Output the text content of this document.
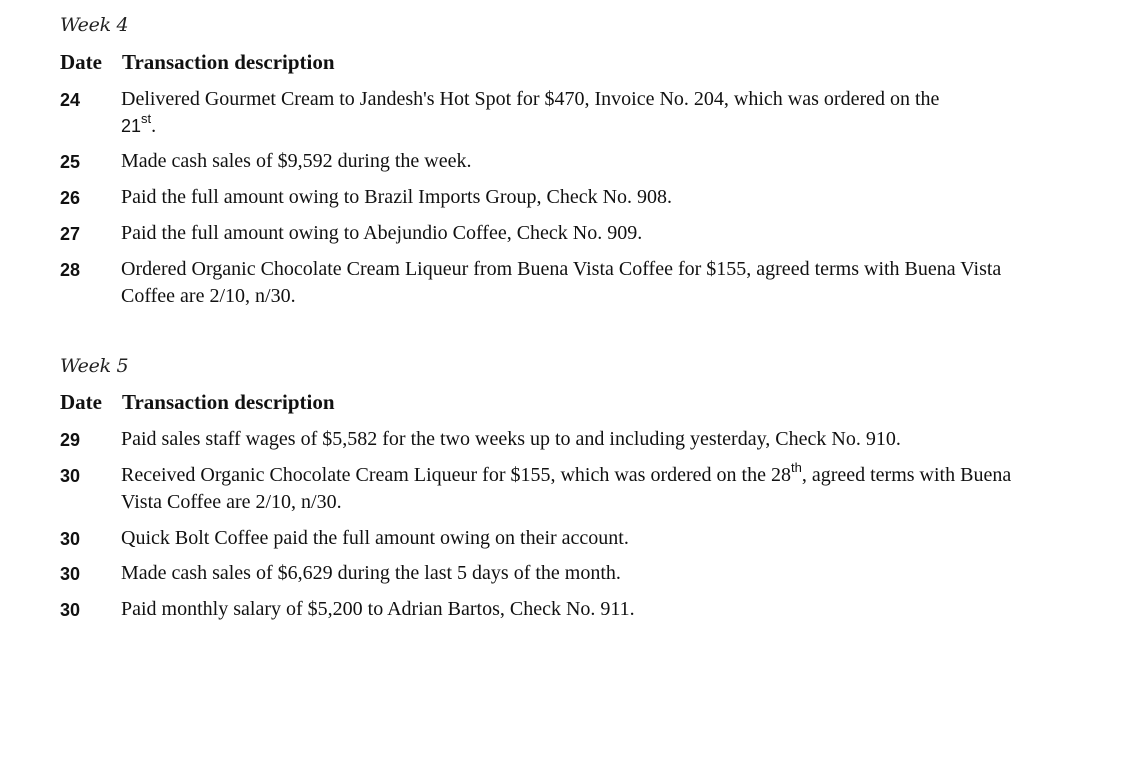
Week 4
Date Transaction description
24	Delivered Gourmet Cream to Jandesh's Hot Spot for $470, Invoice No. 204, which was ordered on the
21st.
25	Made cash sales of $9,592 during the week.
26	Paid the full amount owing to Brazil Imports Group, Check No. 908.
27	Paid the full amount owing to Abejundio Coffee, Check No. 909.
28	Ordered Organic Chocolate Cream Liqueur from Buena Vista Coffee for $155, agreed terms with Buena Vista Coffee are 2/10, n/30.
Week 5
Date Transaction description
29	Paid sales staff wages of $5,582 for the two weeks up to and including yesterday, Check No. 910.
30	Received Organic Chocolate Cream Liqueur for $155, which was ordered on the 28th, agreed terms with Buena Vista Coffee are 2/10, n/30.
30	Quick Bolt Coffee paid the full amount owing on their account.
30	Made cash sales of $6,629 during the last 5 days of the month.
30	Paid monthly salary of $5,200 to Adrian Bartos, Check No. 911.
